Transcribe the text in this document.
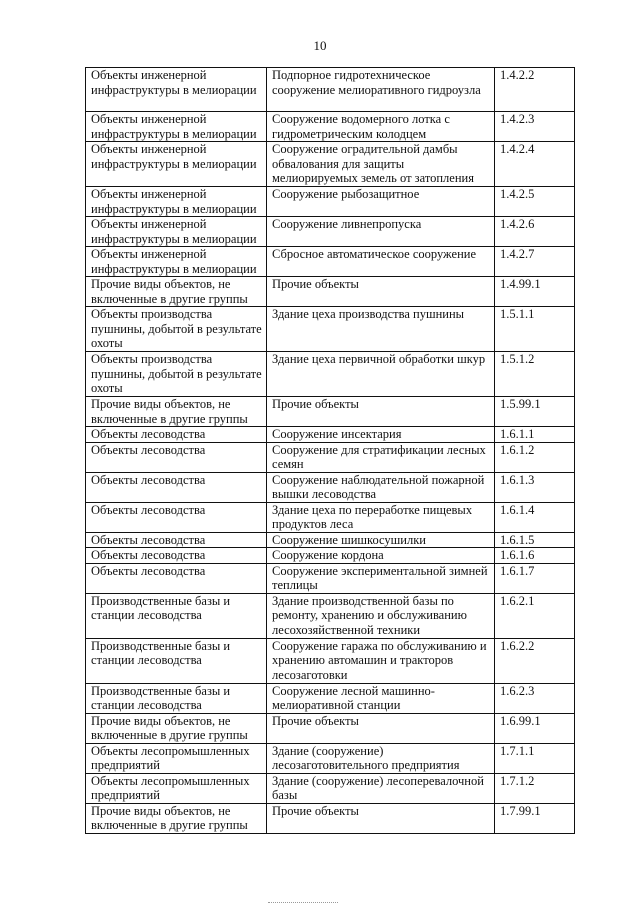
10
Объекты инженерной инфраструктуры в мелиорации	Подпорное гидротехническое сооружение мелиоративного гидроузла	1.4.2.2
Объекты инженерной инфраструктуры в мелиорации	Сооружение водомерного лотка с гидрометрическим колодцем	1.4.2.3
Объекты инженерной инфраструктуры в мелиорации	Сооружение оградительной дамбы обвалования для защиты мелиорируемых земель от затопления	1.4.2.4
Объекты инженерной инфраструктуры в мелиорации	Сооружение рыбозащитное	1.4.2.5
Объекты инженерной инфраструктуры в мелиорации	Сооружение ливнепропуска	1.4.2.6
Объекты инженерной инфраструктуры в мелиорации	Сбросное автоматическое сооружение	1.4.2.7
Прочие виды объектов, не включенные в другие группы	Прочие объекты	1.4.99.1
Объекты производства пушнины, добытой в результате охоты	Здание цеха производства пушнины	1.5.1.1
Объекты производства пушнины, добытой в результате охоты	Здание цеха первичной обработки шкур	1.5.1.2
Прочие виды объектов, не включенные в другие группы	Прочие объекты	1.5.99.1
Объекты лесоводства	Сооружение инсектария	1.6.1.1
Объекты лесоводства	Сооружение для стратификации лесных семян	1.6.1.2
Объекты лесоводства	Сооружение наблюдательной пожарной вышки лесоводства	1.6.1.3
Объекты лесоводства	Здание цеха по переработке пищевых продуктов леса	1.6.1.4
Объекты лесоводства	Сооружение шишкосушилки	1.6.1.5
Объекты лесоводства	Сооружение кордона	1.6.1.6
Объекты лесоводства	Сооружение экспериментальной зимней теплицы	1.6.1.7
Производственные базы и станции лесоводства	Здание производственной базы по ремонту, хранению и обслуживанию лесохозяйственной техники	1.6.2.1
Производственные базы и станции лесоводства	Сооружение гаража по обслуживанию и хранению автомашин и тракторов лесозаготовки	1.6.2.2
Производственные базы и станции лесоводства	Сооружение лесной машинно-мелиоративной станции	1.6.2.3
Прочие виды объектов, не включенные в другие группы	Прочие объекты	1.6.99.1
Объекты лесопромышленных предприятий	Здание (сооружение) лесозаготовительного предприятия	1.7.1.1
Объекты лесопромышленных предприятий	Здание (сооружение) лесоперевалочной базы	1.7.1.2
Прочие виды объектов, не включенные в другие группы	Прочие объекты	1.7.99.1
